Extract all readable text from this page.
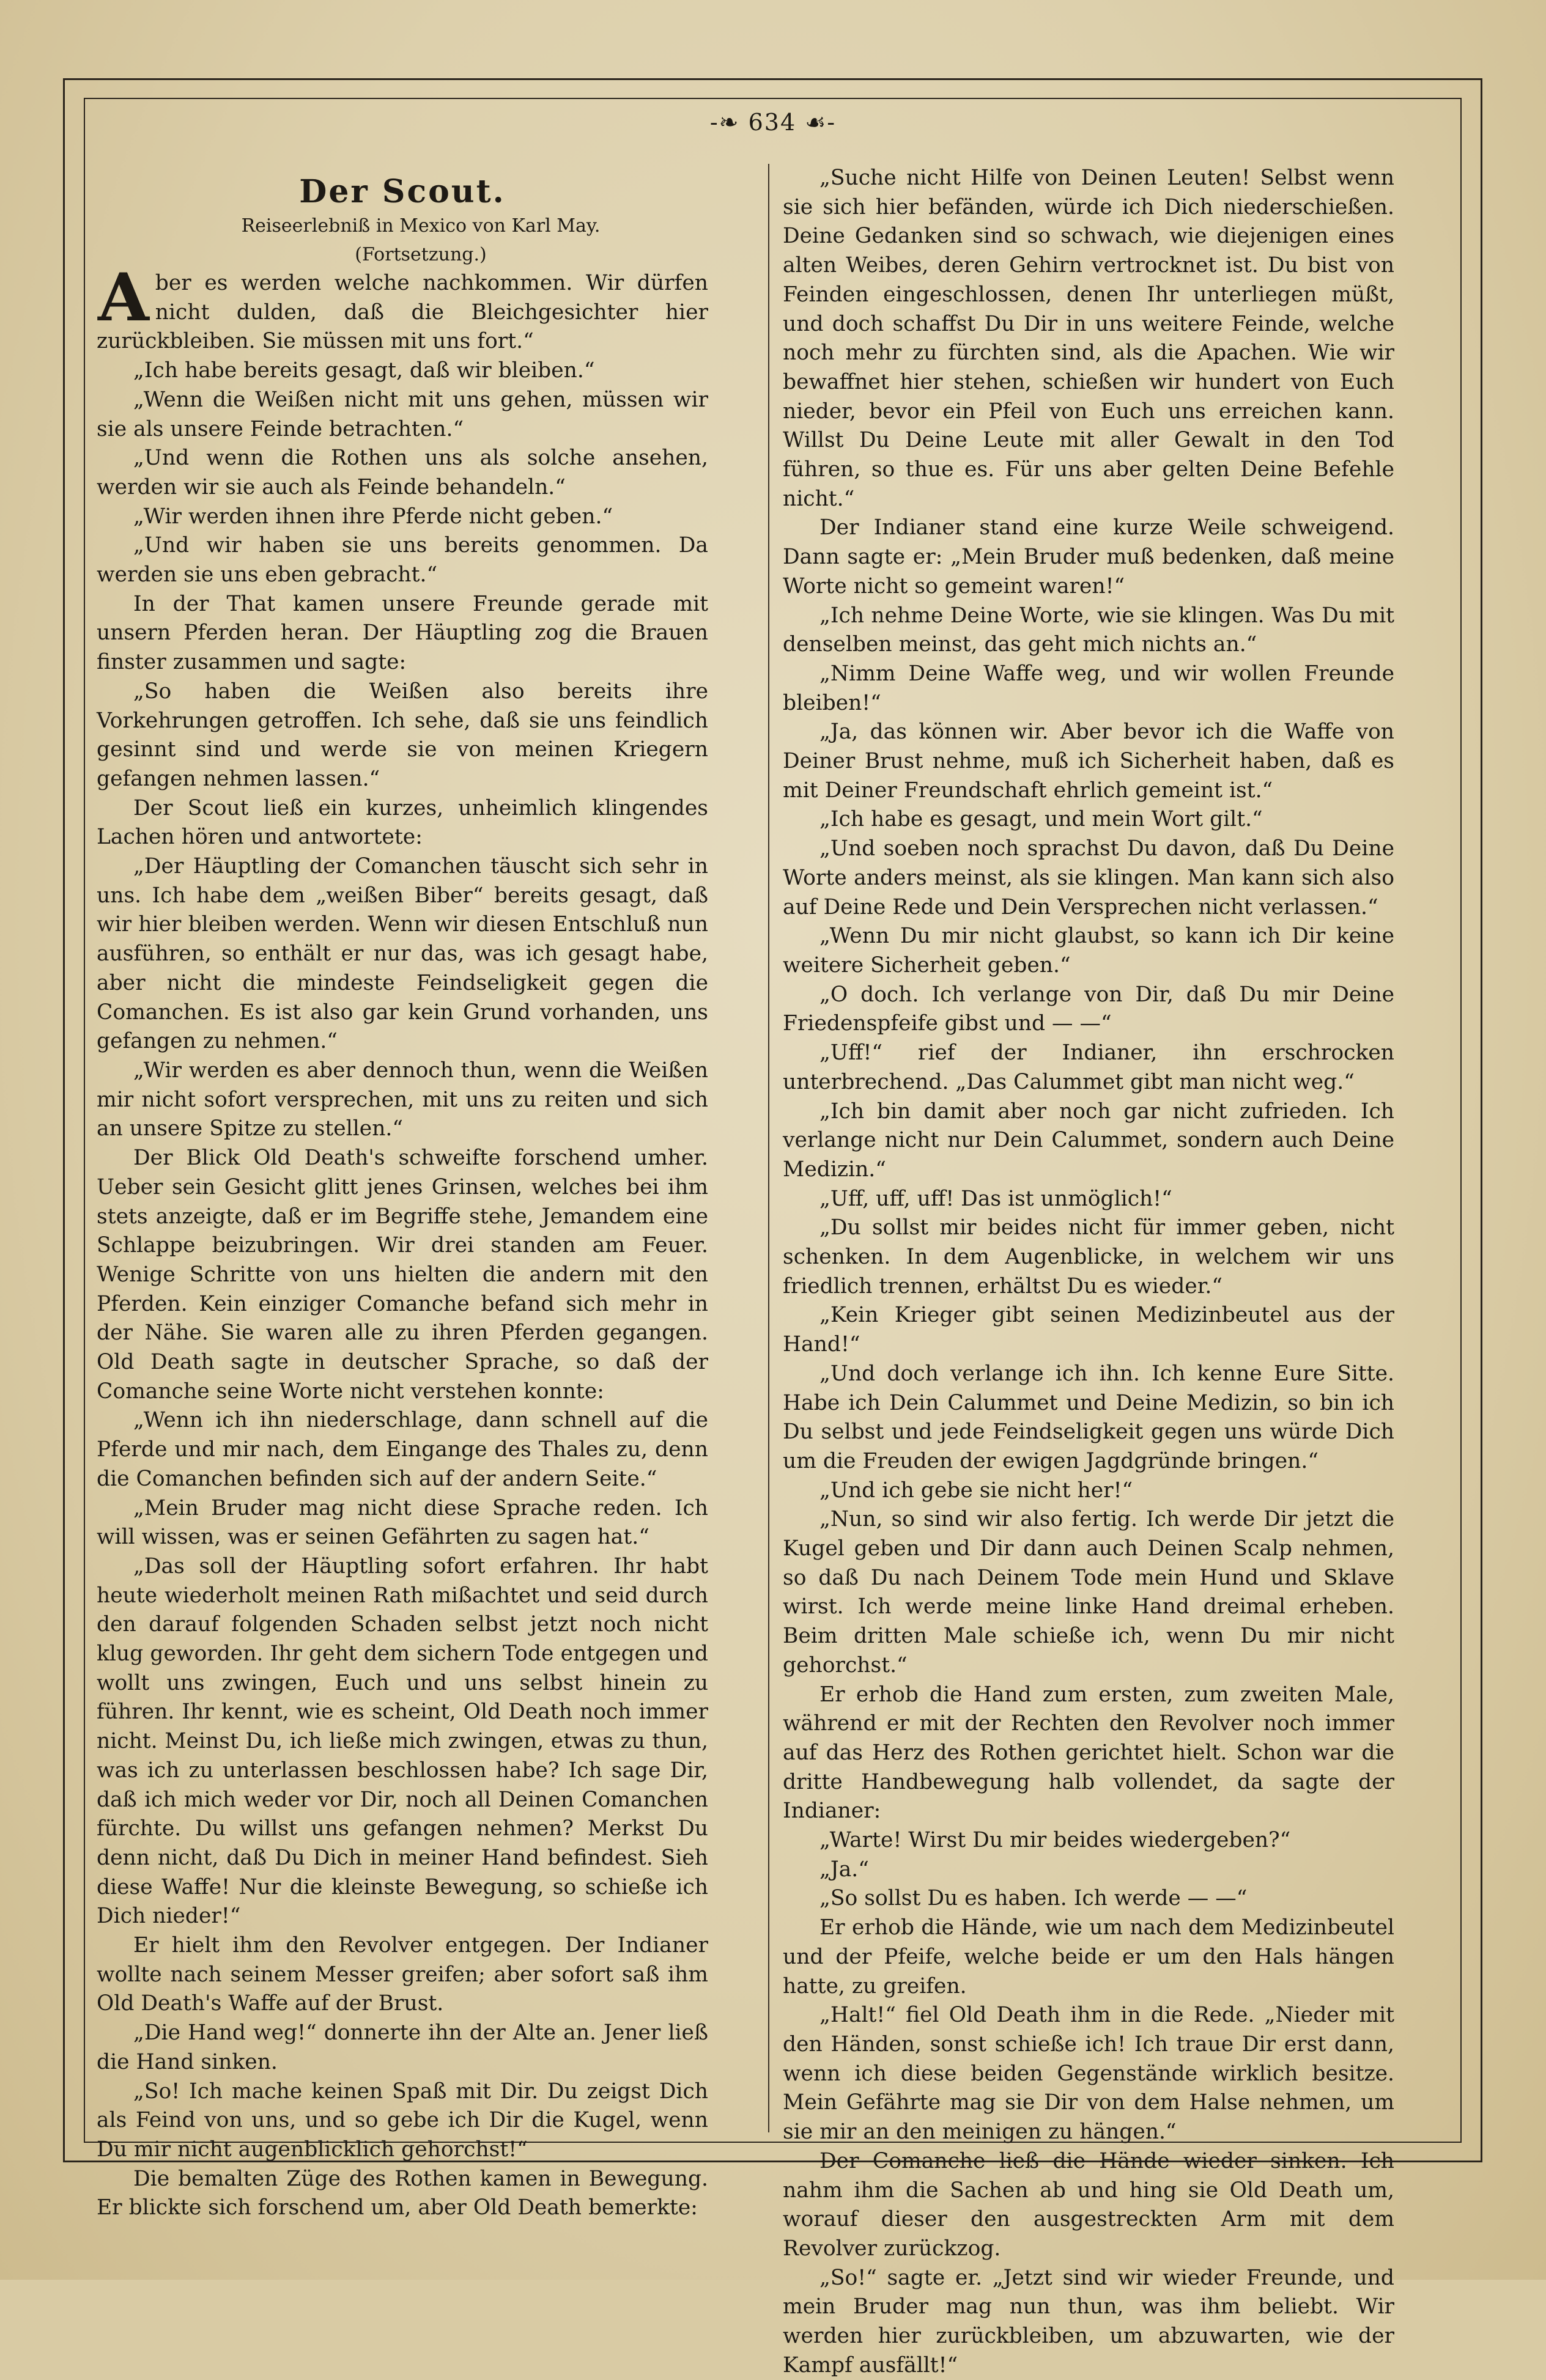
-❧ 634 ☙-
Der Scout.

Reiseerlebniß in Mexico von Karl May.

(Fortsetzung.)

Aber es werden welche nachkommen. Wir dürfen nicht dulden, daß die Bleichgesichter hier zurückbleiben. Sie müssen mit uns fort.“

„Ich habe bereits gesagt, daß wir bleiben.“

„Wenn die Weißen nicht mit uns gehen, müssen wir sie als unsere Feinde betrachten.“

„Und wenn die Rothen uns als solche ansehen, werden wir sie auch als Feinde behandeln.“

„Wir werden ihnen ihre Pferde nicht geben.“

„Und wir haben sie uns bereits genommen. Da werden sie uns eben gebracht.“

In der That kamen unsere Freunde gerade mit unsern Pferden heran. Der Häuptling zog die Brauen finster zusammen und sagte:

„So haben die Weißen also bereits ihre Vorkehrungen getroffen. Ich sehe, daß sie uns feindlich gesinnt sind und werde sie von meinen Kriegern gefangen nehmen lassen.“

Der Scout ließ ein kurzes, unheimlich klingendes Lachen hören und antwortete:

„Der Häuptling der Comanchen täuscht sich sehr in uns. Ich habe dem „weißen Biber“ bereits gesagt, daß wir hier bleiben werden. Wenn wir diesen Entschluß nun ausführen, so enthält er nur das, was ich gesagt habe, aber nicht die mindeste Feindseligkeit gegen die Comanchen. Es ist also gar kein Grund vorhanden, uns gefangen zu nehmen.“

„Wir werden es aber dennoch thun, wenn die Weißen mir nicht sofort versprechen, mit uns zu reiten und sich an unsere Spitze zu stellen.“

Der Blick Old Death's schweifte forschend umher. Ueber sein Gesicht glitt jenes Grinsen, welches bei ihm stets anzeigte, daß er im Begriffe stehe, Jemandem eine Schlappe beizubringen. Wir drei standen am Feuer. Wenige Schritte von uns hielten die andern mit den Pferden. Kein einziger Comanche befand sich mehr in der Nähe. Sie waren alle zu ihren Pferden gegangen. Old Death sagte in deutscher Sprache, so daß der Comanche seine Worte nicht verstehen konnte:

„Wenn ich ihn niederschlage, dann schnell auf die Pferde und mir nach, dem Eingange des Thales zu, denn die Comanchen befinden sich auf der andern Seite.“

„Mein Bruder mag nicht diese Sprache reden. Ich will wissen, was er seinen Gefährten zu sagen hat.“

„Das soll der Häuptling sofort erfahren. Ihr habt heute wiederholt meinen Rath mißachtet und seid durch den darauf folgenden Schaden selbst jetzt noch nicht klug geworden. Ihr geht dem sichern Tode entgegen und wollt uns zwingen, Euch und uns selbst hinein zu führen. Ihr kennt, wie es scheint, Old Death noch immer nicht. Meinst Du, ich ließe mich zwingen, etwas zu thun, was ich zu unterlassen beschlossen habe? Ich sage Dir, daß ich mich weder vor Dir, noch all Deinen Comanchen fürchte. Du willst uns gefangen nehmen? Merkst Du denn nicht, daß Du Dich in meiner Hand befindest. Sieh diese Waffe! Nur die kleinste Bewegung, so schieße ich Dich nieder!“

Er hielt ihm den Revolver entgegen. Der Indianer wollte nach seinem Messer greifen; aber sofort saß ihm Old Death's Waffe auf der Brust.

„Die Hand weg!“ donnerte ihn der Alte an. Jener ließ die Hand sinken.

„So! Ich mache keinen Spaß mit Dir. Du zeigst Dich als Feind von uns, und so gebe ich Dir die Kugel, wenn Du mir nicht augenblicklich gehorchst!“

Die bemalten Züge des Rothen kamen in Bewegung. Er blickte sich forschend um, aber Old Death bemerkte:

„Suche nicht Hilfe von Deinen Leuten! Selbst wenn sie sich hier befänden, würde ich Dich niederschießen. Deine Gedanken sind so schwach, wie diejenigen eines alten Weibes, deren Gehirn vertrocknet ist. Du bist von Feinden eingeschlossen, denen Ihr unterliegen müßt, und doch schaffst Du Dir in uns weitere Feinde, welche noch mehr zu fürchten sind, als die Apachen. Wie wir bewaffnet hier stehen, schießen wir hundert von Euch nieder, bevor ein Pfeil von Euch uns erreichen kann. Willst Du Deine Leute mit aller Gewalt in den Tod führen, so thue es. Für uns aber gelten Deine Befehle nicht.“

Der Indianer stand eine kurze Weile schweigend. Dann sagte er: „Mein Bruder muß bedenken, daß meine Worte nicht so gemeint waren!“

„Ich nehme Deine Worte, wie sie klingen. Was Du mit denselben meinst, das geht mich nichts an.“

„Nimm Deine Waffe weg, und wir wollen Freunde bleiben!“

„Ja, das können wir. Aber bevor ich die Waffe von Deiner Brust nehme, muß ich Sicherheit haben, daß es mit Deiner Freundschaft ehrlich gemeint ist.“

„Ich habe es gesagt, und mein Wort gilt.“

„Und soeben noch sprachst Du davon, daß Du Deine Worte anders meinst, als sie klingen. Man kann sich also auf Deine Rede und Dein Versprechen nicht verlassen.“

„Wenn Du mir nicht glaubst, so kann ich Dir keine weitere Sicherheit geben.“

„O doch. Ich verlange von Dir, daß Du mir Deine Friedenspfeife gibst und — —“

„Uff!“ rief der Indianer, ihn erschrocken unterbrechend. „Das Calummet gibt man nicht weg.“

„Ich bin damit aber noch gar nicht zufrieden. Ich verlange nicht nur Dein Calummet, sondern auch Deine Medizin.“

„Uff, uff, uff! Das ist unmöglich!“

„Du sollst mir beides nicht für immer geben, nicht schenken. In dem Augenblicke, in welchem wir uns friedlich trennen, erhältst Du es wieder.“

„Kein Krieger gibt seinen Medizinbeutel aus der Hand!“

„Und doch verlange ich ihn. Ich kenne Eure Sitte. Habe ich Dein Calummet und Deine Medizin, so bin ich Du selbst und jede Feindseligkeit gegen uns würde Dich um die Freuden der ewigen Jagdgründe bringen.“

„Und ich gebe sie nicht her!“

„Nun, so sind wir also fertig. Ich werde Dir jetzt die Kugel geben und Dir dann auch Deinen Scalp nehmen, so daß Du nach Deinem Tode mein Hund und Sklave wirst. Ich werde meine linke Hand dreimal erheben. Beim dritten Male schieße ich, wenn Du mir nicht gehorchst.“

Er erhob die Hand zum ersten, zum zweiten Male, während er mit der Rechten den Revolver noch immer auf das Herz des Rothen gerichtet hielt. Schon war die dritte Handbewegung halb vollendet, da sagte der Indianer:

„Warte! Wirst Du mir beides wiedergeben?“

„Ja.“

„So sollst Du es haben. Ich werde — —“

Er erhob die Hände, wie um nach dem Medizinbeutel und der Pfeife, welche beide er um den Hals hängen hatte, zu greifen.

„Halt!“ fiel Old Death ihm in die Rede. „Nieder mit den Händen, sonst schieße ich! Ich traue Dir erst dann, wenn ich diese beiden Gegenstände wirklich besitze. Mein Gefährte mag sie Dir von dem Halse nehmen, um sie mir an den meinigen zu hängen.“

Der Comanche ließ die Hände wieder sinken. Ich nahm ihm die Sachen ab und hing sie Old Death um, worauf dieser den ausgestreckten Arm mit dem Revolver zurückzog.

„So!“ sagte er. „Jetzt sind wir wieder Freunde, und mein Bruder mag nun thun, was ihm beliebt. Wir werden hier zurückbleiben, um abzuwarten, wie der Kampf ausfällt!“
